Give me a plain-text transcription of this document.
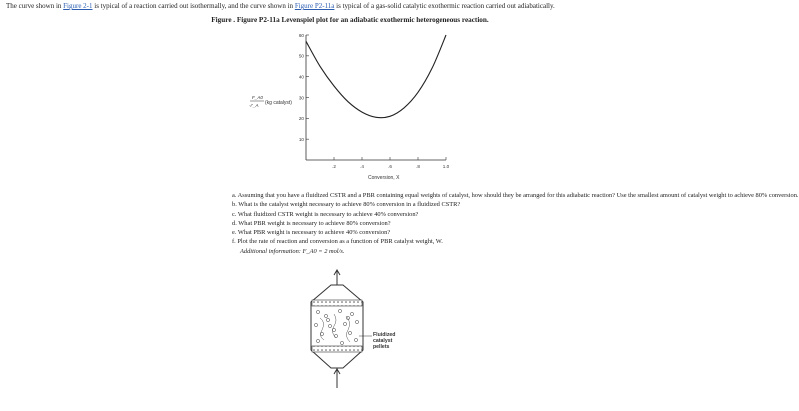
The curve shown in Figure 2-1 is typical of a reaction carried out isothermally, and the curve shown in Figure P2-11a is typical of a gas-solid catalytic exothermic reaction carried out adiabatically.
Figure . Figure P2-11a Levenspiel plot for an adiabatic exothermic heterogeneous reaction.
10
20
30
40
50
60
.2	.4	.6	.8	1.0
Conversion, X
F_A0
-r'_A (kg catalyst)
a. Assuming that you have a fluidized CSTR and a PBR containing equal weights of catalyst, how should they be arranged for this adiabatic reaction? Use the smallest amount of catalyst weight to achieve 80% conversion.
b. What is the catalyst weight necessary to achieve 80% conversion in a fluidized CSTR?
c. What fluidized CSTR weight is necessary to achieve 40% conversion?
d. What PBR weight is necessary to achieve 80% conversion?
e. What PBR weight is necessary to achieve 40% conversion?
f. Plot the rate of reaction and conversion as a function of PBR catalyst weight, W.
Additional information: F_A0 = 2 mol/s.
Fluidized
catalyst
pellets
